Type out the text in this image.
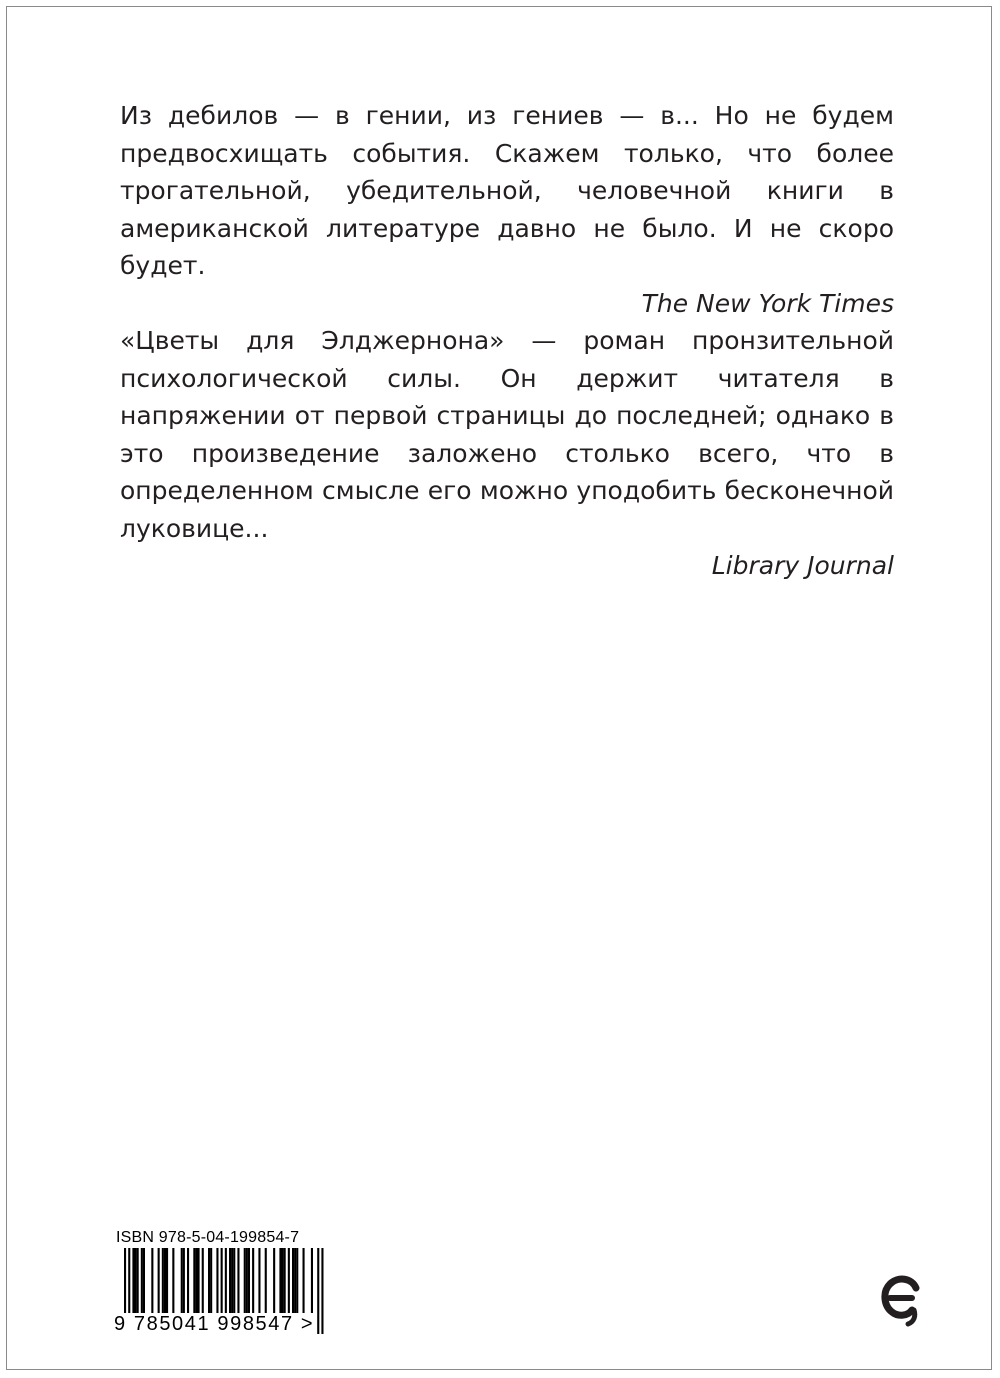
Из дебилов — в гении, из гениев — в... Но не будем предвосхищать события. Скажем только, что более трогательной, убедительной, человечной книги в американской литературе давно не было. И не скоро будет.

The New York Times

«Цветы для Элджернона» — роман пронзительной психологической силы. Он держит читателя в напряжении от первой страницы до последней; однако в это произведение заложено столько всего, что в определенном смысле его можно уподобить бесконечной луковице...

Library Journal

ISBN 978-5-04-199854-7
9 785041 998547 >
